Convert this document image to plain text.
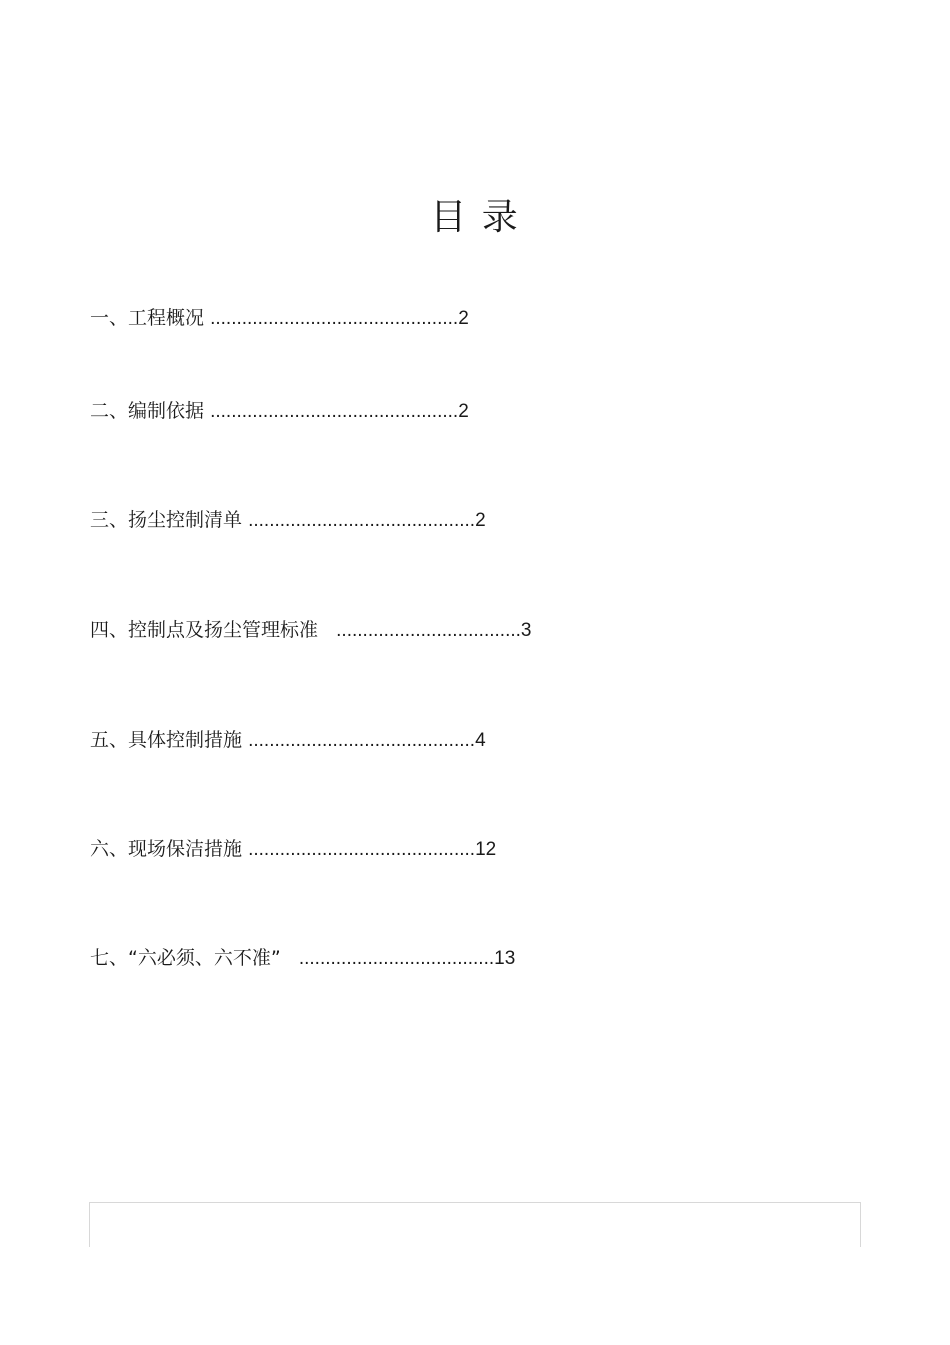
目 录
一、工程概况 ...............................................2
二、编制依据 ...............................................2
三、扬尘控制清单 ...........................................2
四、控制点及扬尘管理标准 ...................................3
五、具体控制措施 ...........................................4
六、现场保洁措施 ...........................................12
七、“六必须、六不准” .....................................13
